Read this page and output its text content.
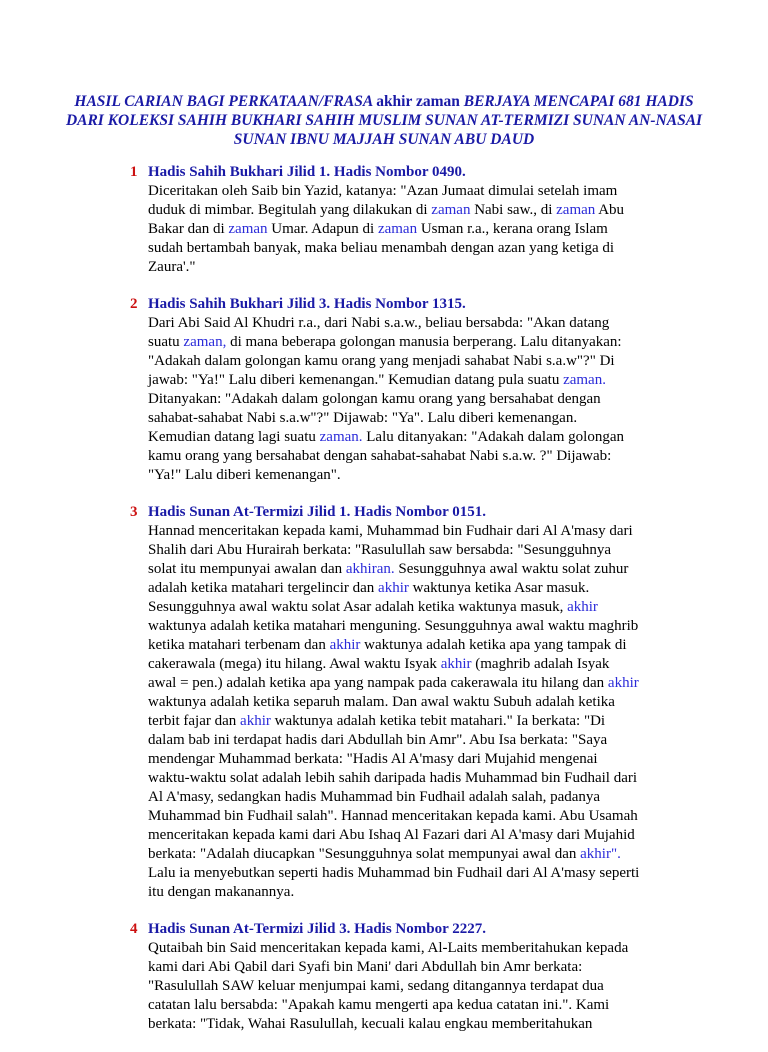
HASIL CARIAN BAGI PERKATAAN/FRASA akhir zaman BERJAYA MENCAPAI 681 HADIS DARI KOLEKSI SAHIH BUKHARI SAHIH MUSLIM SUNAN AT-TERMIZI SUNAN AN-NASAI SUNAN IBNU MAJJAH SUNAN ABU DAUD
1 Hadis Sahih Bukhari Jilid 1. Hadis Nombor 0490.
Diceritakan oleh Saib bin Yazid, katanya: "Azan Jumaat dimulai setelah imam duduk di mimbar. Begitulah yang dilakukan di zaman Nabi saw., di zaman Abu Bakar dan di zaman Umar. Adapun di zaman Usman r.a., kerana orang Islam sudah bertambah banyak, maka beliau menambah dengan azan yang ketiga di Zaura'."
2 Hadis Sahih Bukhari Jilid 3. Hadis Nombor 1315.
Dari Abi Said Al Khudri r.a., dari Nabi s.a.w., beliau bersabda: "Akan datang suatu zaman, di mana beberapa golongan manusia berperang. Lalu ditanyakan: "Adakah dalam golongan kamu orang yang menjadi sahabat Nabi s.a.w"?" Di jawab: "Ya!" Lalu diberi kemenangan." Kemudian datang pula suatu zaman. Ditanyakan: "Adakah dalam golongan kamu orang yang bersahabat dengan sahabat-sahabat Nabi s.a.w"?" Dijawab: "Ya". Lalu diberi kemenangan. Kemudian datang lagi suatu zaman. Lalu ditanyakan: "Adakah dalam golongan kamu orang yang bersahabat dengan sahabat-sahabat Nabi s.a.w. ?" Dijawab: "Ya!" Lalu diberi kemenangan".
3 Hadis Sunan At-Termizi Jilid 1. Hadis Nombor 0151.
Hannad menceritakan kepada kami, Muhammad bin Fudhair dari Al A'masy dari Shalih dari Abu Hurairah berkata: "Rasulullah saw bersabda: "Sesungguhnya solat itu mempunyai awalan dan akhiran. Sesungguhnya awal waktu solat zuhur adalah ketika matahari tergelincir dan akhir waktunya ketika Asar masuk. Sesungguhnya awal waktu solat Asar adalah ketika waktunya masuk, akhir waktunya adalah ketika matahari menguning. Sesungguhnya awal waktu maghrib ketika matahari terbenam dan akhir waktunya adalah ketika apa yang tampak di cakerawala (mega) itu hilang. Awal waktu Isyak akhir (maghrib adalah Isyak awal = pen.) adalah ketika apa yang nampak pada cakerawala itu hilang dan akhir waktunya adalah ketika separuh malam. Dan awal waktu Subuh adalah ketika terbit fajar dan akhir waktunya adalah ketika tebit matahari." Ia berkata: "Di dalam bab ini terdapat hadis dari Abdullah bin Amr". Abu Isa berkata: "Saya mendengar Muhammad berkata: "Hadis Al A'masy dari Mujahid mengenai waktu-waktu solat adalah lebih sahih daripada hadis Muhammad bin Fudhail dari Al A'masy, sedangkan hadis Muhammad bin Fudhail adalah salah, padanya Muhammad bin Fudhail salah". Hannad menceritakan kepada kami. Abu Usamah menceritakan kepada kami dari Abu Ishaq Al Fazari dari Al A'masy dari Mujahid berkata: "Adalah diucapkan "Sesungguhnya solat mempunyai awal dan akhir". Lalu ia menyebutkan seperti hadis Muhammad bin Fudhail dari Al A'masy seperti itu dengan makanannya.
4 Hadis Sunan At-Termizi Jilid 3. Hadis Nombor 2227.
Qutaibah bin Said menceritakan kepada kami, Al-Laits memberitahukan kepada kami dari Abi Qabil dari Syafi bin Mani' dari Abdullah bin Amr berkata: "Rasulullah SAW keluar menjumpai kami, sedang ditangannya terdapat dua catatan lalu bersabda: "Apakah kamu mengerti apa kedua catatan ini.". Kami berkata: "Tidak, Wahai Rasulullah, kecuali kalau engkau memberitahukan
